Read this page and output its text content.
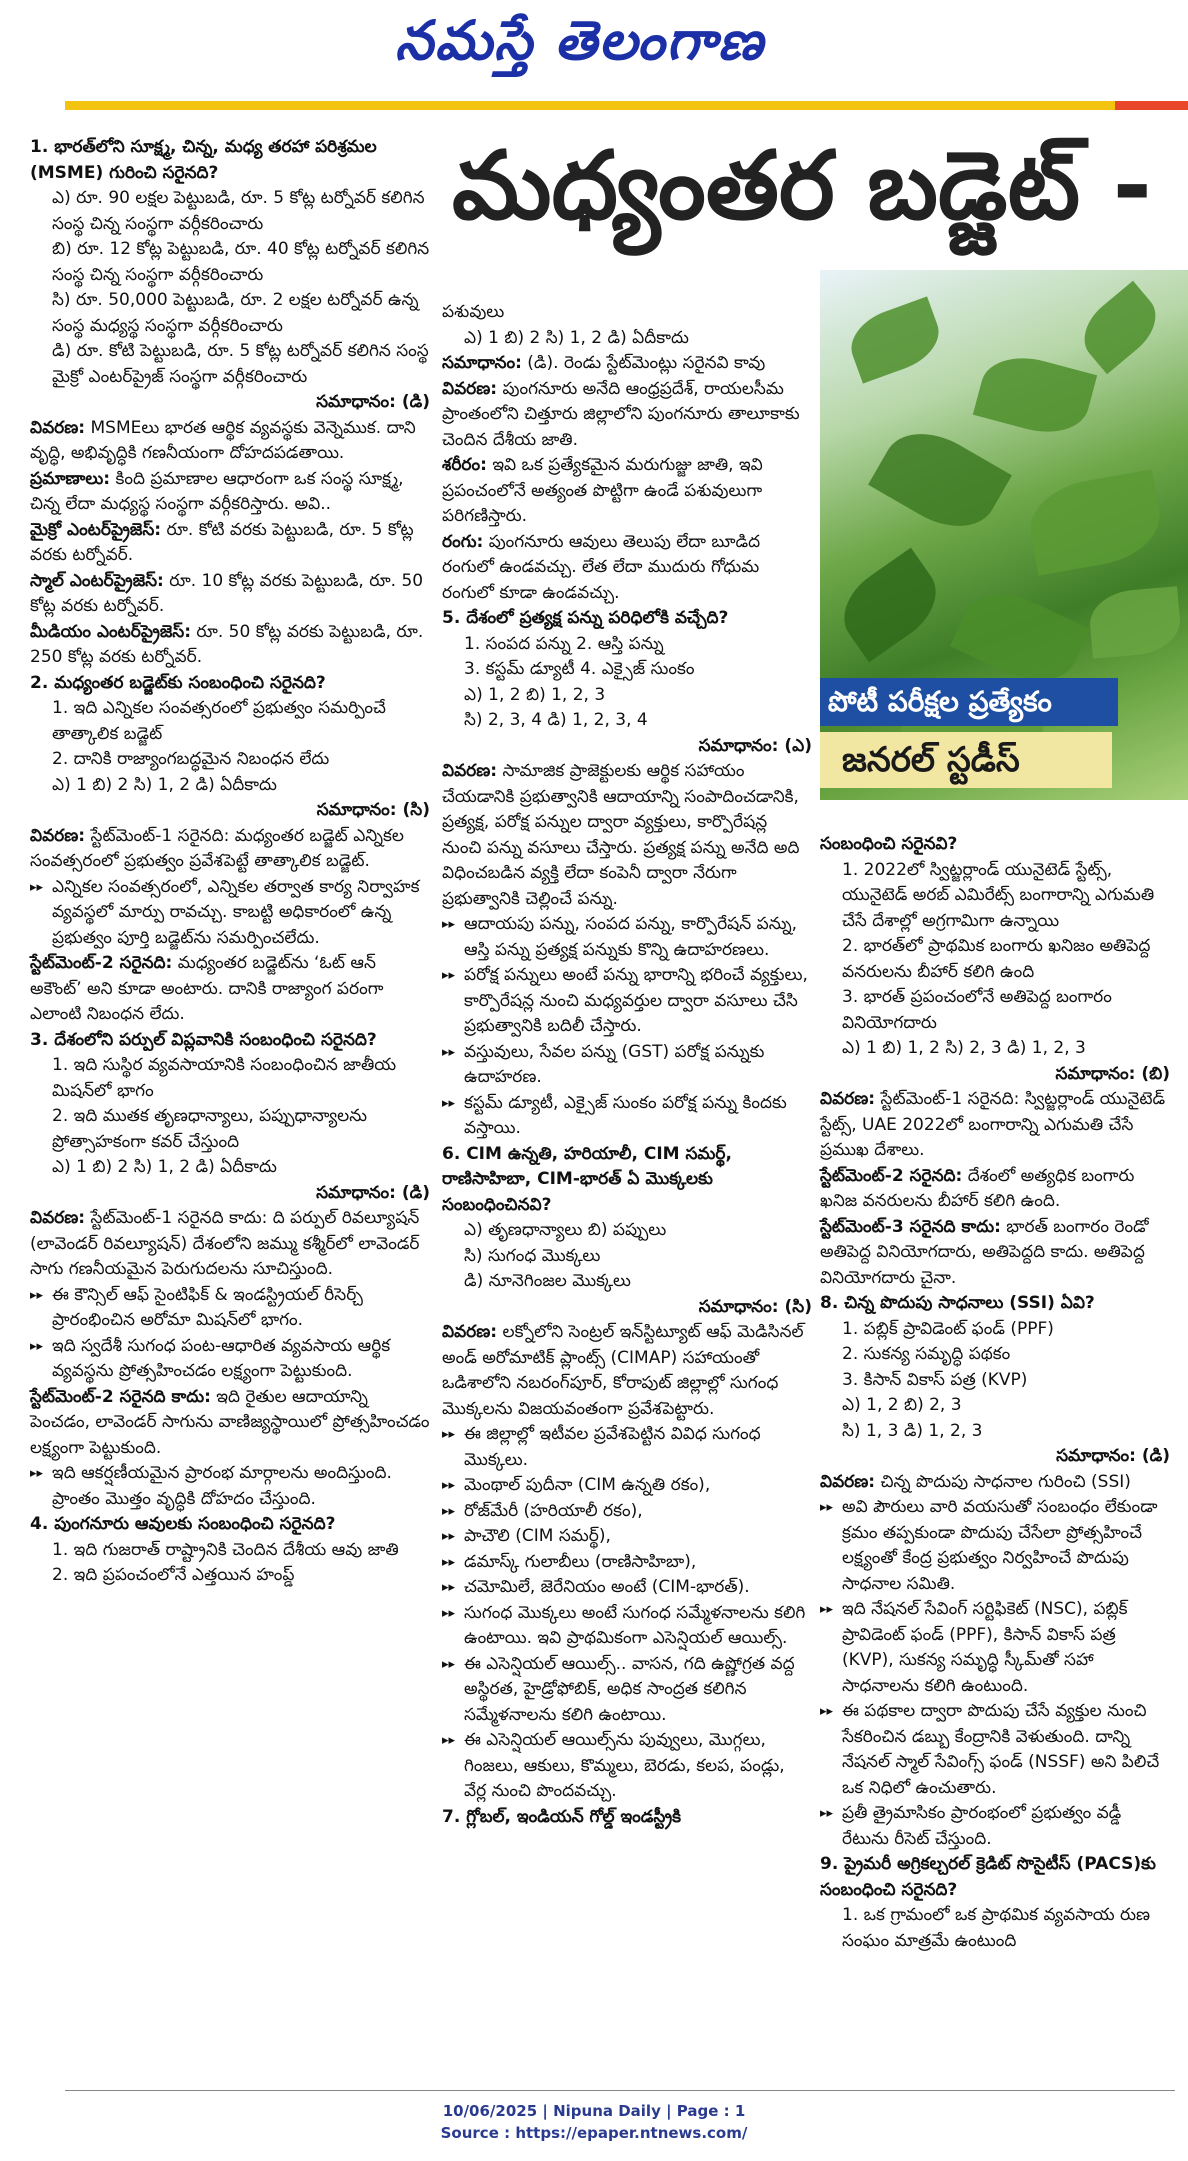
నమస్తే తెలంగాణ
మధ్యంతర బడ్జెట్ -
పోటీ పరీక్షల ప్రత్యేకం
జనరల్ స్టడీస్

1. భారత్‌లోని సూక్ష్మ, చిన్న, మధ్య తరహా పరిశ్రమల (MSME) గురించి సరైనది?

ఎ) రూ. 90 లక్షల పెట్టుబడి, రూ. 5 కోట్ల టర్నోవర్ కలిగిన సంస్థ చిన్న సంస్థగా వర్గీకరించారు

బి) రూ. 12 కోట్ల పెట్టుబడి, రూ. 40 కోట్ల టర్నోవర్ కలిగిన సంస్థ చిన్న సంస్థగా వర్గీకరించారు

సి) రూ. 50,000 పెట్టుబడి, రూ. 2 లక్షల టర్నోవర్ ఉన్న సంస్థ మధ్యస్థ సంస్థగా వర్గీకరించారు

డి) రూ. కోటి పెట్టుబడి, రూ. 5 కోట్ల టర్నోవర్ కలిగిన సంస్థ మైక్రో ఎంటర్‌ప్రైజ్ సంస్థగా వర్గీకరించారు

సమాధానం: (డి)

వివరణ: MSMEలు భారత ఆర్థిక వ్యవస్థకు వెన్నెముక. దాని వృద్ధి, అభివృద్ధికి గణనీయంగా దోహదపడతాయి.

ప్రమాణాలు: కింది ప్రమాణాల ఆధారంగా ఒక సంస్థ సూక్ష్మ, చిన్న లేదా మధ్యస్థ సంస్థగా వర్గీకరిస్తారు. అవి..

మైక్రో ఎంటర్‌ప్రైజెస్: రూ. కోటి వరకు పెట్టుబడి, రూ. 5 కోట్ల వరకు టర్నోవర్.

స్మాల్ ఎంటర్‌ప్రైజెస్: రూ. 10 కోట్ల వరకు పెట్టుబడి, రూ. 50 కోట్ల వరకు టర్నోవర్.

మీడియం ఎంటర్‌ప్రైజెస్: రూ. 50 కోట్ల వరకు పెట్టుబడి, రూ. 250 కోట్ల వరకు టర్నోవర్.

2. మధ్యంతర బడ్జెట్‌కు సంబంధించి సరైనది?

1. ఇది ఎన్నికల సంవత్సరంలో ప్రభుత్వం సమర్పించే తాత్కాలిక బడ్జెట్

2. దానికి రాజ్యాంగబద్ధమైన నిబంధన లేదు

ఎ) 1 బి) 2 సి) 1, 2 డి) ఏదీకాదు

సమాధానం: (సి)

వివరణ: స్టేట్‌మెంట్-1 సరైనది: మధ్యంతర బడ్జెట్ ఎన్నికల సంవత్సరంలో ప్రభుత్వం ప్రవేశపెట్టే తాత్కాలిక బడ్జెట్.

▸▸ ఎన్నికల సంవత్సరంలో, ఎన్నికల తర్వాత కార్య నిర్వాహక వ్యవస్థలో మార్పు రావచ్చు. కాబట్టి అధికారంలో ఉన్న ప్రభుత్వం పూర్తి బడ్జెట్‌ను సమర్పించలేదు.

స్టేట్‌మెంట్-2 సరైనది: మధ్యంతర బడ్జెట్‌ను ‘ఓట్ ఆన్ అకౌంట్’ అని కూడా అంటారు. దానికి రాజ్యాంగ పరంగా ఎలాంటి నిబంధన లేదు.

3. దేశంలోని పర్పుల్ విప్లవానికి సంబంధించి సరైనది?

1. ఇది సుస్థిర వ్యవసాయానికి సంబంధించిన జాతీయ మిషన్‌లో భాగం

2. ఇది ముతక తృణధాన్యాలు, పప్పుధాన్యాలను ప్రోత్సాహకంగా కవర్ చేస్తుంది

ఎ) 1 బి) 2 సి) 1, 2 డి) ఏదీకాదు

సమాధానం: (డి)

వివరణ: స్టేట్‌మెంట్-1 సరైనది కాదు: ది పర్పుల్ రివల్యూషన్ (లావెండర్ రివల్యూషన్) దేశంలోని జమ్ము కశ్మీర్‌లో లావెండర్ సాగు గణనీయమైన పెరుగుదలను సూచిస్తుంది.

▸▸ ఈ కౌన్సిల్ ఆఫ్ సైంటిఫిక్ & ఇండస్ట్రియల్ రీసెర్చ్ ప్రారంభించిన అరోమా మిషన్‌లో భాగం.

▸▸ ఇది స్వదేశీ సుగంధ పంట-ఆధారిత వ్యవసాయ ఆర్థిక వ్యవస్థను ప్రోత్సహించడం లక్ష్యంగా పెట్టుకుంది.

స్టేట్‌మెంట్-2 సరైనది కాదు: ఇది రైతుల ఆదాయాన్ని పెంచడం, లావెండర్ సాగును వాణిజ్యస్థాయిలో ప్రోత్సహించడం లక్ష్యంగా పెట్టుకుంది.

▸▸ ఇది ఆకర్షణీయమైన ప్రారంభ మార్గాలను అందిస్తుంది. ప్రాంతం మొత్తం వృద్ధికి దోహదం చేస్తుంది.

4. పుంగనూరు ఆవులకు సంబంధించి సరైనది?

1. ఇది గుజరాత్ రాష్ట్రానికి చెందిన దేశీయ ఆవు జాతి

2. ఇది ప్రపంచంలోనే ఎత్తయిన హంప్డ్

పశువులు

ఎ) 1 బి) 2 సి) 1, 2 డి) ఏదీకాదు

సమాధానం: (డి). రెండు స్టేట్‌మెంట్లు సరైనవి కావు

వివరణ: పుంగనూరు అనేది ఆంధ్రప్రదేశ్, రాయలసీమ ప్రాంతంలోని చిత్తూరు జిల్లాలోని పుంగనూరు తాలూకాకు చెందిన దేశీయ జాతి.

శరీరం: ఇవి ఒక ప్రత్యేకమైన మరుగుజ్జు జాతి, ఇవి ప్రపంచంలోనే అత్యంత పొట్టిగా ఉండే పశువులుగా పరిగణిస్తారు.

రంగు: పుంగనూరు ఆవులు తెలుపు లేదా బూడిద రంగులో ఉండవచ్చు. లేత లేదా ముదురు గోధుమ రంగులో కూడా ఉండవచ్చు.

5. దేశంలో ప్రత్యక్ష పన్ను పరిధిలోకి వచ్చేది?

1. సంపద పన్ను 2. ఆస్తి పన్ను

3. కస్టమ్ డ్యూటీ 4. ఎక్సైజ్ సుంకం

ఎ) 1, 2 బి) 1, 2, 3

సి) 2, 3, 4 డి) 1, 2, 3, 4

సమాధానం: (ఎ)

వివరణ: సామాజిక ప్రాజెక్టులకు ఆర్థిక సహాయం చేయడానికి ప్రభుత్వానికి ఆదాయాన్ని సంపాదించడానికి, ప్రత్యక్ష, పరోక్ష పన్నుల ద్వారా వ్యక్తులు, కార్పొరేషన్ల నుంచి పన్ను వసూలు చేస్తారు. ప్రత్యక్ష పన్ను అనేది అది విధించబడిన వ్యక్తి లేదా కంపెనీ ద్వారా నేరుగా ప్రభుత్వానికి చెల్లించే పన్ను.

▸▸ ఆదాయపు పన్ను, సంపద పన్ను, కార్పొరేషన్ పన్ను, ఆస్తి పన్ను ప్రత్యక్ష పన్నుకు కొన్ని ఉదాహరణలు.

▸▸ పరోక్ష పన్నులు అంటే పన్ను భారాన్ని భరించే వ్యక్తులు, కార్పొరేషన్ల నుంచి మధ్యవర్తుల ద్వారా వసూలు చేసి ప్రభుత్వానికి బదిలీ చేస్తారు.

▸▸ వస్తువులు, సేవల పన్ను (GST) పరోక్ష పన్నుకు ఉదాహరణ.

▸▸ కస్టమ్ డ్యూటీ, ఎక్సైజ్ సుంకం పరోక్ష పన్ను కిందకు వస్తాయి.

6. CIM ఉన్నతి, హరియాలీ, CIM సమర్థ్, రాణిసాహిబా, CIM-భారత్ ఏ మొక్కలకు సంబంధించినవి?

ఎ) తృణధాన్యాలు బి) పప్పులు

సి) సుగంధ మొక్కలు

డి) నూనెగింజల మొక్కలు

సమాధానం: (సి)

వివరణ: లక్నోలోని సెంట్రల్ ఇన్‌స్టిట్యూట్ ఆఫ్ మెడిసినల్ అండ్ అరోమాటిక్ ప్లాంట్స్ (CIMAP) సహాయంతో ఒడిశాలోని నబరంగ్‌పూర్, కోరాపుట్ జిల్లాల్లో సుగంధ మొక్కలను విజయవంతంగా ప్రవేశపెట్టారు.

▸▸ ఈ జిల్లాల్లో ఇటీవల ప్రవేశపెట్టిన వివిధ సుగంధ మొక్కలు.

▸▸ మెంథాల్ పుదీనా (CIM ఉన్నతి రకం),

▸▸ రోజ్‌మేరీ (హరియాలీ రకం),

▸▸ పాచౌలి (CIM సమర్థ్),

▸▸ డమాస్క్ గులాబీలు (రాణిసాహిబా),

▸▸ చమోమిలే, జెరేనియం అంటే (CIM-భారత్).

▸▸ సుగంధ మొక్కలు అంటే సుగంధ సమ్మేళనాలను కలిగి ఉంటాయి. ఇవి ప్రాథమికంగా ఎసెన్షియల్ ఆయిల్స్.

▸▸ ఈ ఎసెన్షియల్ ఆయిల్స్.. వాసన, గది ఉష్ణోగ్రత వద్ద అస్థిరత, హైడ్రోఫోబిక్, అధిక సాంద్రత కలిగిన సమ్మేళనాలను కలిగి ఉంటాయి.

▸▸ ఈ ఎసెన్షియల్ ఆయిల్స్‌ను పువ్వులు, మొగ్గలు, గింజలు, ఆకులు, కొమ్మలు, బెరడు, కలప, పండ్లు, వేర్ల నుంచి పొందవచ్చు.

7. గ్లోబల్, ఇండియన్ గోల్డ్ ఇండస్ట్రీకి

సంబంధించి సరైనవి?

1. 2022లో స్విట్జర్లాండ్ యునైటెడ్ స్టేట్స్, యునైటెడ్ అరబ్ ఎమిరేట్స్ బంగారాన్ని ఎగుమతి చేసే దేశాల్లో అగ్రగామిగా ఉన్నాయి

2. భారత్‌లో ప్రాథమిక బంగారు ఖనిజం అతిపెద్ద వనరులను బీహార్ కలిగి ఉంది

3. భారత్ ప్రపంచంలోనే అతిపెద్ద బంగారం వినియోగదారు

ఎ) 1 బి) 1, 2 సి) 2, 3 డి) 1, 2, 3

సమాధానం: (బి)

వివరణ: స్టేట్‌మెంట్-1 సరైనది: స్విట్జర్లాండ్ యునైటెడ్ స్టేట్స్, UAE 2022లో బంగారాన్ని ఎగుమతి చేసే ప్రముఖ దేశాలు.

స్టేట్‌మెంట్-2 సరైనది: దేశంలో అత్యధిక బంగారు ఖనిజ వనరులను బీహార్ కలిగి ఉంది.

స్టేట్‌మెంట్-3 సరైనది కాదు: భారత్ బంగారం రెండో అతిపెద్ద వినియోగదారు, అతిపెద్దది కాదు. అతిపెద్ద వినియోగదారు చైనా.

8. చిన్న పొదుపు సాధనాలు (SSI) ఏవి?

1. పబ్లిక్ ప్రావిడెంట్ ఫండ్ (PPF)

2. సుకన్య సమృద్ధి పథకం

3. కిసాన్ వికాస్ పత్ర (KVP)

ఎ) 1, 2 బి) 2, 3

సి) 1, 3 డి) 1, 2, 3

సమాధానం: (డి)

వివరణ: చిన్న పొదుపు సాధనాల గురించి (SSI)

▸▸ అవి పౌరులు వారి వయసుతో సంబంధం లేకుండా క్రమం తప్పకుండా పొదుపు చేసేలా ప్రోత్సహించే లక్ష్యంతో కేంద్ర ప్రభుత్వం నిర్వహించే పొదుపు సాధనాల సమితి.

▸▸ ఇది నేషనల్ సేవింగ్ సర్టిఫికెట్ (NSC), పబ్లిక్ ప్రావిడెంట్ ఫండ్ (PPF), కిసాన్ వికాస్ పత్ర (KVP), సుకన్య సమృద్ధి స్కీమ్‌తో సహా సాధనాలను కలిగి ఉంటుంది.

▸▸ ఈ పథకాల ద్వారా పొదుపు చేసే వ్యక్తుల నుంచి సేకరించిన డబ్బు కేంద్రానికి వెళుతుంది. దాన్ని నేషనల్ స్మాల్ సేవింగ్స్ ఫండ్ (NSSF) అని పిలిచే ఒక నిధిలో ఉంచుతారు.

▸▸ ప్రతీ త్రైమాసికం ప్రారంభంలో ప్రభుత్వం వడ్డీ రేటును రీసెట్ చేస్తుంది.

9. ప్రైమరీ అగ్రికల్చరల్ క్రెడిట్ సొసైటీస్ (PACS)కు సంబంధించి సరైనది?

1. ఒక గ్రామంలో ఒక ప్రాథమిక వ్యవసాయ రుణ సంఘం మాత్రమే ఉంటుంది

10/06/2025 | Nipuna Daily | Page : 1
Source : https://epaper.ntnews.com/
